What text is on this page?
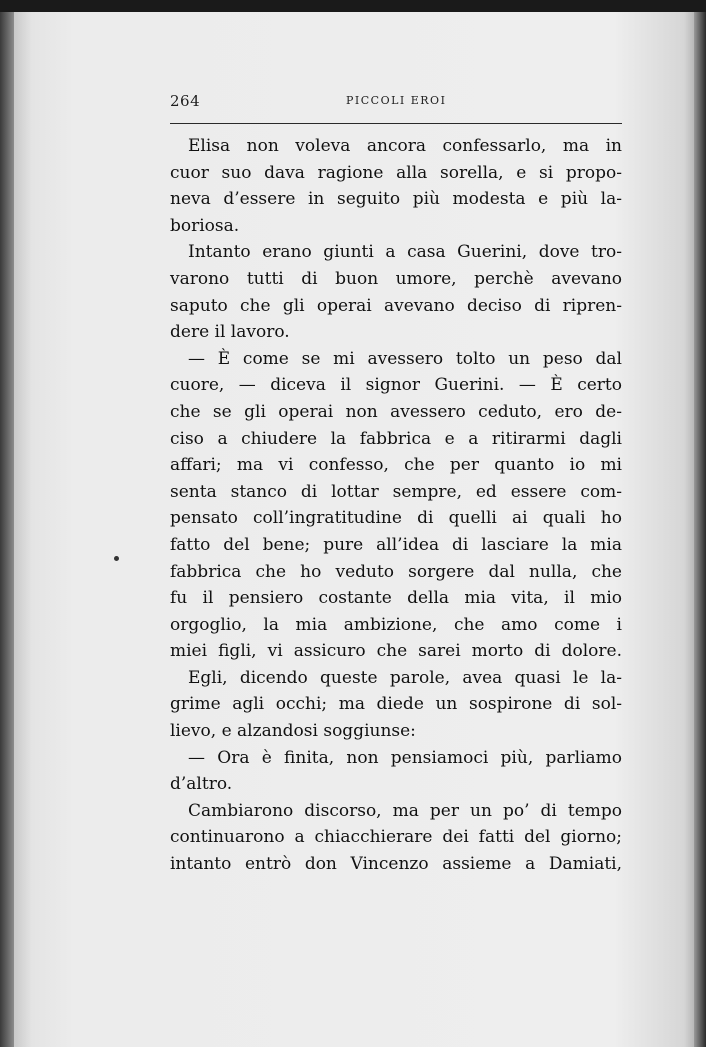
264	PICCOLI EROI
Elisa non voleva ancora confessarlo, ma in
cuor suo dava ragione alla sorella, e si propo-
neva d’essere in seguito più modesta e più la-
boriosa.
Intanto erano giunti a casa Guerini, dove tro-
varono tutti di buon umore, perchè avevano
saputo che gli operai avevano deciso di ripren-
dere il lavoro.
— È come se mi avessero tolto un peso dal
cuore, — diceva il signor Guerini. — È certo
che se gli operai non avessero ceduto, ero de-
ciso a chiudere la fabbrica e a ritirarmi dagli
affari; ma vi confesso, che per quanto io mi
senta stanco di lottar sempre, ed essere com-
pensato coll’ingratitudine di quelli ai quali ho
fatto del bene; pure all’idea di lasciare la mia
fabbrica che ho veduto sorgere dal nulla, che
fu il pensiero costante della mia vita, il mio
orgoglio, la mia ambizione, che amo come i
miei figli, vi assicuro che sarei morto di dolore.
Egli, dicendo queste parole, avea quasi le la-
grime agli occhi; ma diede un sospirone di sol-
lievo, e alzandosi soggiunse:
— Ora è finita, non pensiamoci più, parliamo
d’altro.
Cambiarono discorso, ma per un po’ di tempo
continuarono a chiacchierare dei fatti del giorno;
intanto entrò don Vincenzo assieme a Damiati,
